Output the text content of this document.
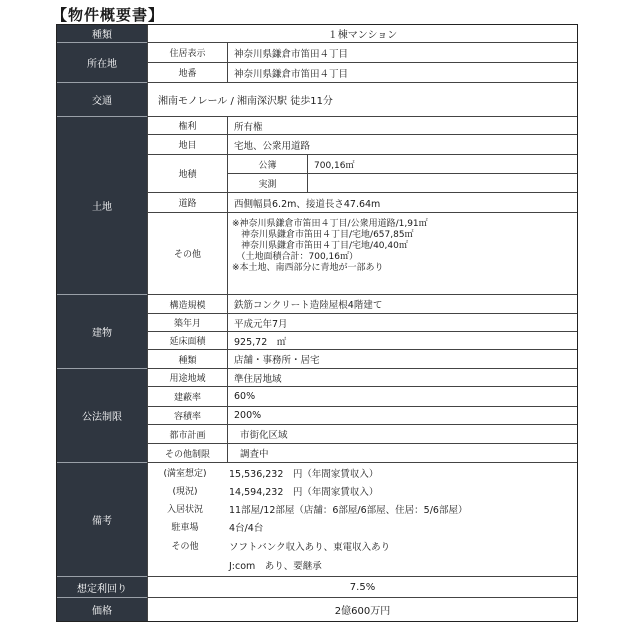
【物件概要書】
種類	１棟マンション
所在地
住居表示	神奈川県鎌倉市笛田４丁目
地番	神奈川県鎌倉市笛田４丁目
交通	湘南モノレール / 湘南深沢駅 徒歩11分
土地
権利	所有権
地目	宅地、公衆用道路
地積
公簿	700,16㎡
実測
道路	西側幅員6.2m、接道長さ47.64m
その他
※神奈川県鎌倉市笛田４丁目/公衆用道路/1,91㎡
　神奈川県鎌倉市笛田４丁目/宅地/657,85㎡
　神奈川県鎌倉市笛田４丁目/宅地/40,40㎡
　（土地面積合計：700,16㎡）
※本土地、南西部分に青地が一部あり
建物
構造規模	鉄筋コンクリート造陸屋根4階建て
築年月	平成元年7月
延床面積	925,72　㎡
種類	店舗・事務所・居宅
公法制限
用途地域	準住居地域
建蔽率	60%
容積率	200%
都市計画	市街化区域
その他制限	調査中
備考
(満室想定)	15,536,232　円（年間家賃収入）
(現況)	14,594,232　円（年間家賃収入）
入居状況	11部屋/12部屋（店舗：6部屋/6部屋、住居：5/6部屋）
駐車場	4台/4台
その他	ソフトバンク収入あり、東電収入あり
J:com　あり、要継承
想定利回り	7.5%
価格	2億600万円
